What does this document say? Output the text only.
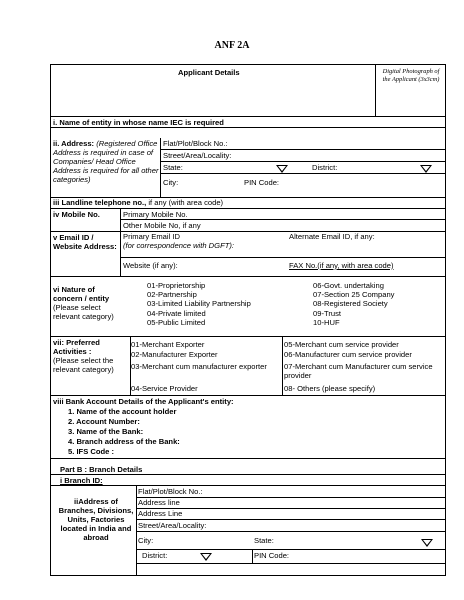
ANF 2A
Applicant Details	Digital Photograph of the Applicant (3x3cm)
i. Name of entity in whose name IEC is required
ii. Address: (Registered Office Address is required in case of Companies/ Head Office Address is required for all other categories)
Flat/Plot/Block No.:
Street/Area/Locality:
State:	District:
City:	PIN Code:
iii Landline telephone no., if any (with area code)
iv Mobile No.	Primary Mobile No.
Other Mobile No, if any
v Email ID / Website Address:
Primary Email ID
(for correspondence with DGFT):
Alternate Email ID, if any:
Website (if any):	FAX No.(if any, with area code)
vi Nature of concern / entity
(Please select relevant category)
01-Proprietorship
02-Partnership
03-Limited Liability Partnership
04-Private limited
05-Public Limited
06-Govt. undertaking
07-Section 25 Company
08-Registered Society
09-Trust
10-HUF
vii: Preferred Activities :
(Please select the relevant category)
01-Merchant Exporter
02-Manufacturer Exporter
03-Merchant cum manufacturer exporter
04-Service Provider
05-Merchant cum service provider
06-Manufacturer cum service provider
07-Merchant cum Manufacturer cum service provider
08- Others (please specify)
viii Bank Account Details of the Applicant's entity:
1. Name of the account holder
2. Account Number:
3. Name of the Bank:
4. Branch address of the Bank:
5. IFS Code :
Part B : Branch Details
i Branch ID:
iiAddress of Branches, Divisions, Units, Factories located in India and abroad
Flat/Plot/Block No.:
Address line
Address Line
Street/Area/Locality:
City:	State:
District:	PIN Code:
